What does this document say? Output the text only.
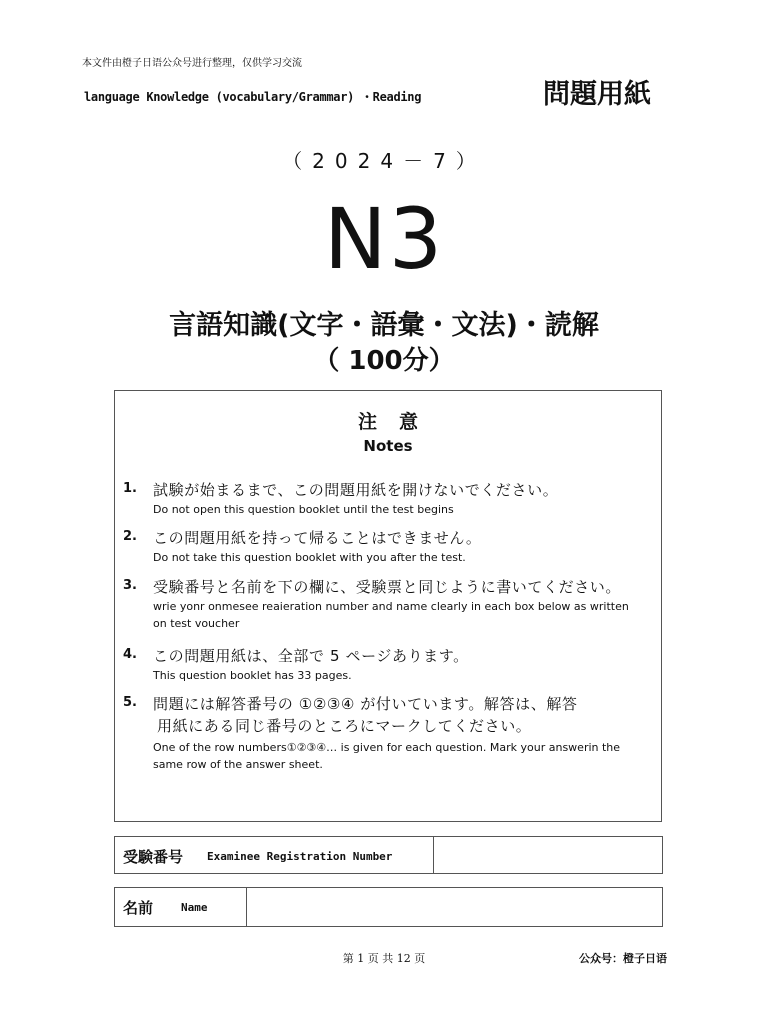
本文件由橙子日语公众号进行整理，仅供学习交流
language Knowledge (vocabulary/Grammar) ・Reading	問題用紙
（2024－7）
N3
言語知識(文字・語彙・文法)・読解
（ 100分）
注意
Notes
1. 試験が始まるまで、この問題用紙を開けないでください。
Do not open this question booklet until the test begins
2. この問題用紙を持って帰ることはできません。
Do not take this question booklet with you after the test.
3. 受験番号と名前を下の欄に、受験票と同じように書いてください。
wrie yonr onmesee reaieration number and name clearly in each box below as written on test voucher
4. この問題用紙は、全部で 5 ページあります。
This question booklet has 33 pages.
5. 問題には解答番号の ①②③④ が付いています。解答は、解答
用紙にある同じ番号のところにマークしてください。
One of the row numbers①②③④… is given for each question. Mark your answerin the same row of the answer sheet.
受験番号 Examinee Registration Number
名前	Name
第 1 页 共 12 页	公众号：橙子日语
